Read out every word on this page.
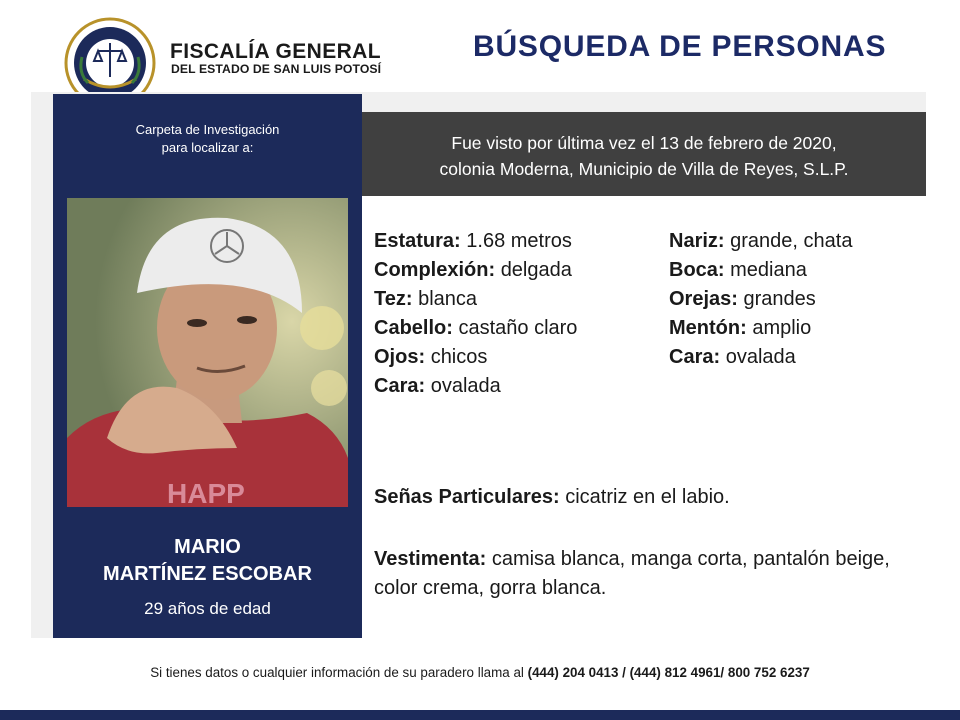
FISCALÍA GENERAL
DEL ESTADO DE SAN LUIS POTOSÍ
BÚSQUEDA DE PERSONAS
Carpeta de Investigación
para localizar a:
HAPP
MARIO
MARTÍNEZ ESCOBAR
29 años de edad
Fue visto por última vez el 13 de febrero de 2020,
colonia Moderna, Municipio de Villa de Reyes, S.L.P.
Estatura: 1.68 metros
Complexión: delgada
Tez: blanca
Cabello: castaño claro
Ojos: chicos
Cara: ovalada
Nariz: grande, chata
Boca: mediana
Orejas: grandes
Mentón: amplio
Cara: ovalada
Señas Particulares: cicatriz en el labio.
Vestimenta: camisa blanca, manga corta, pantalón beige, color crema, gorra blanca.
Si tienes datos o cualquier información de su paradero llama al (444) 204 0413 / (444) 812 4961/ 800 752 6237
